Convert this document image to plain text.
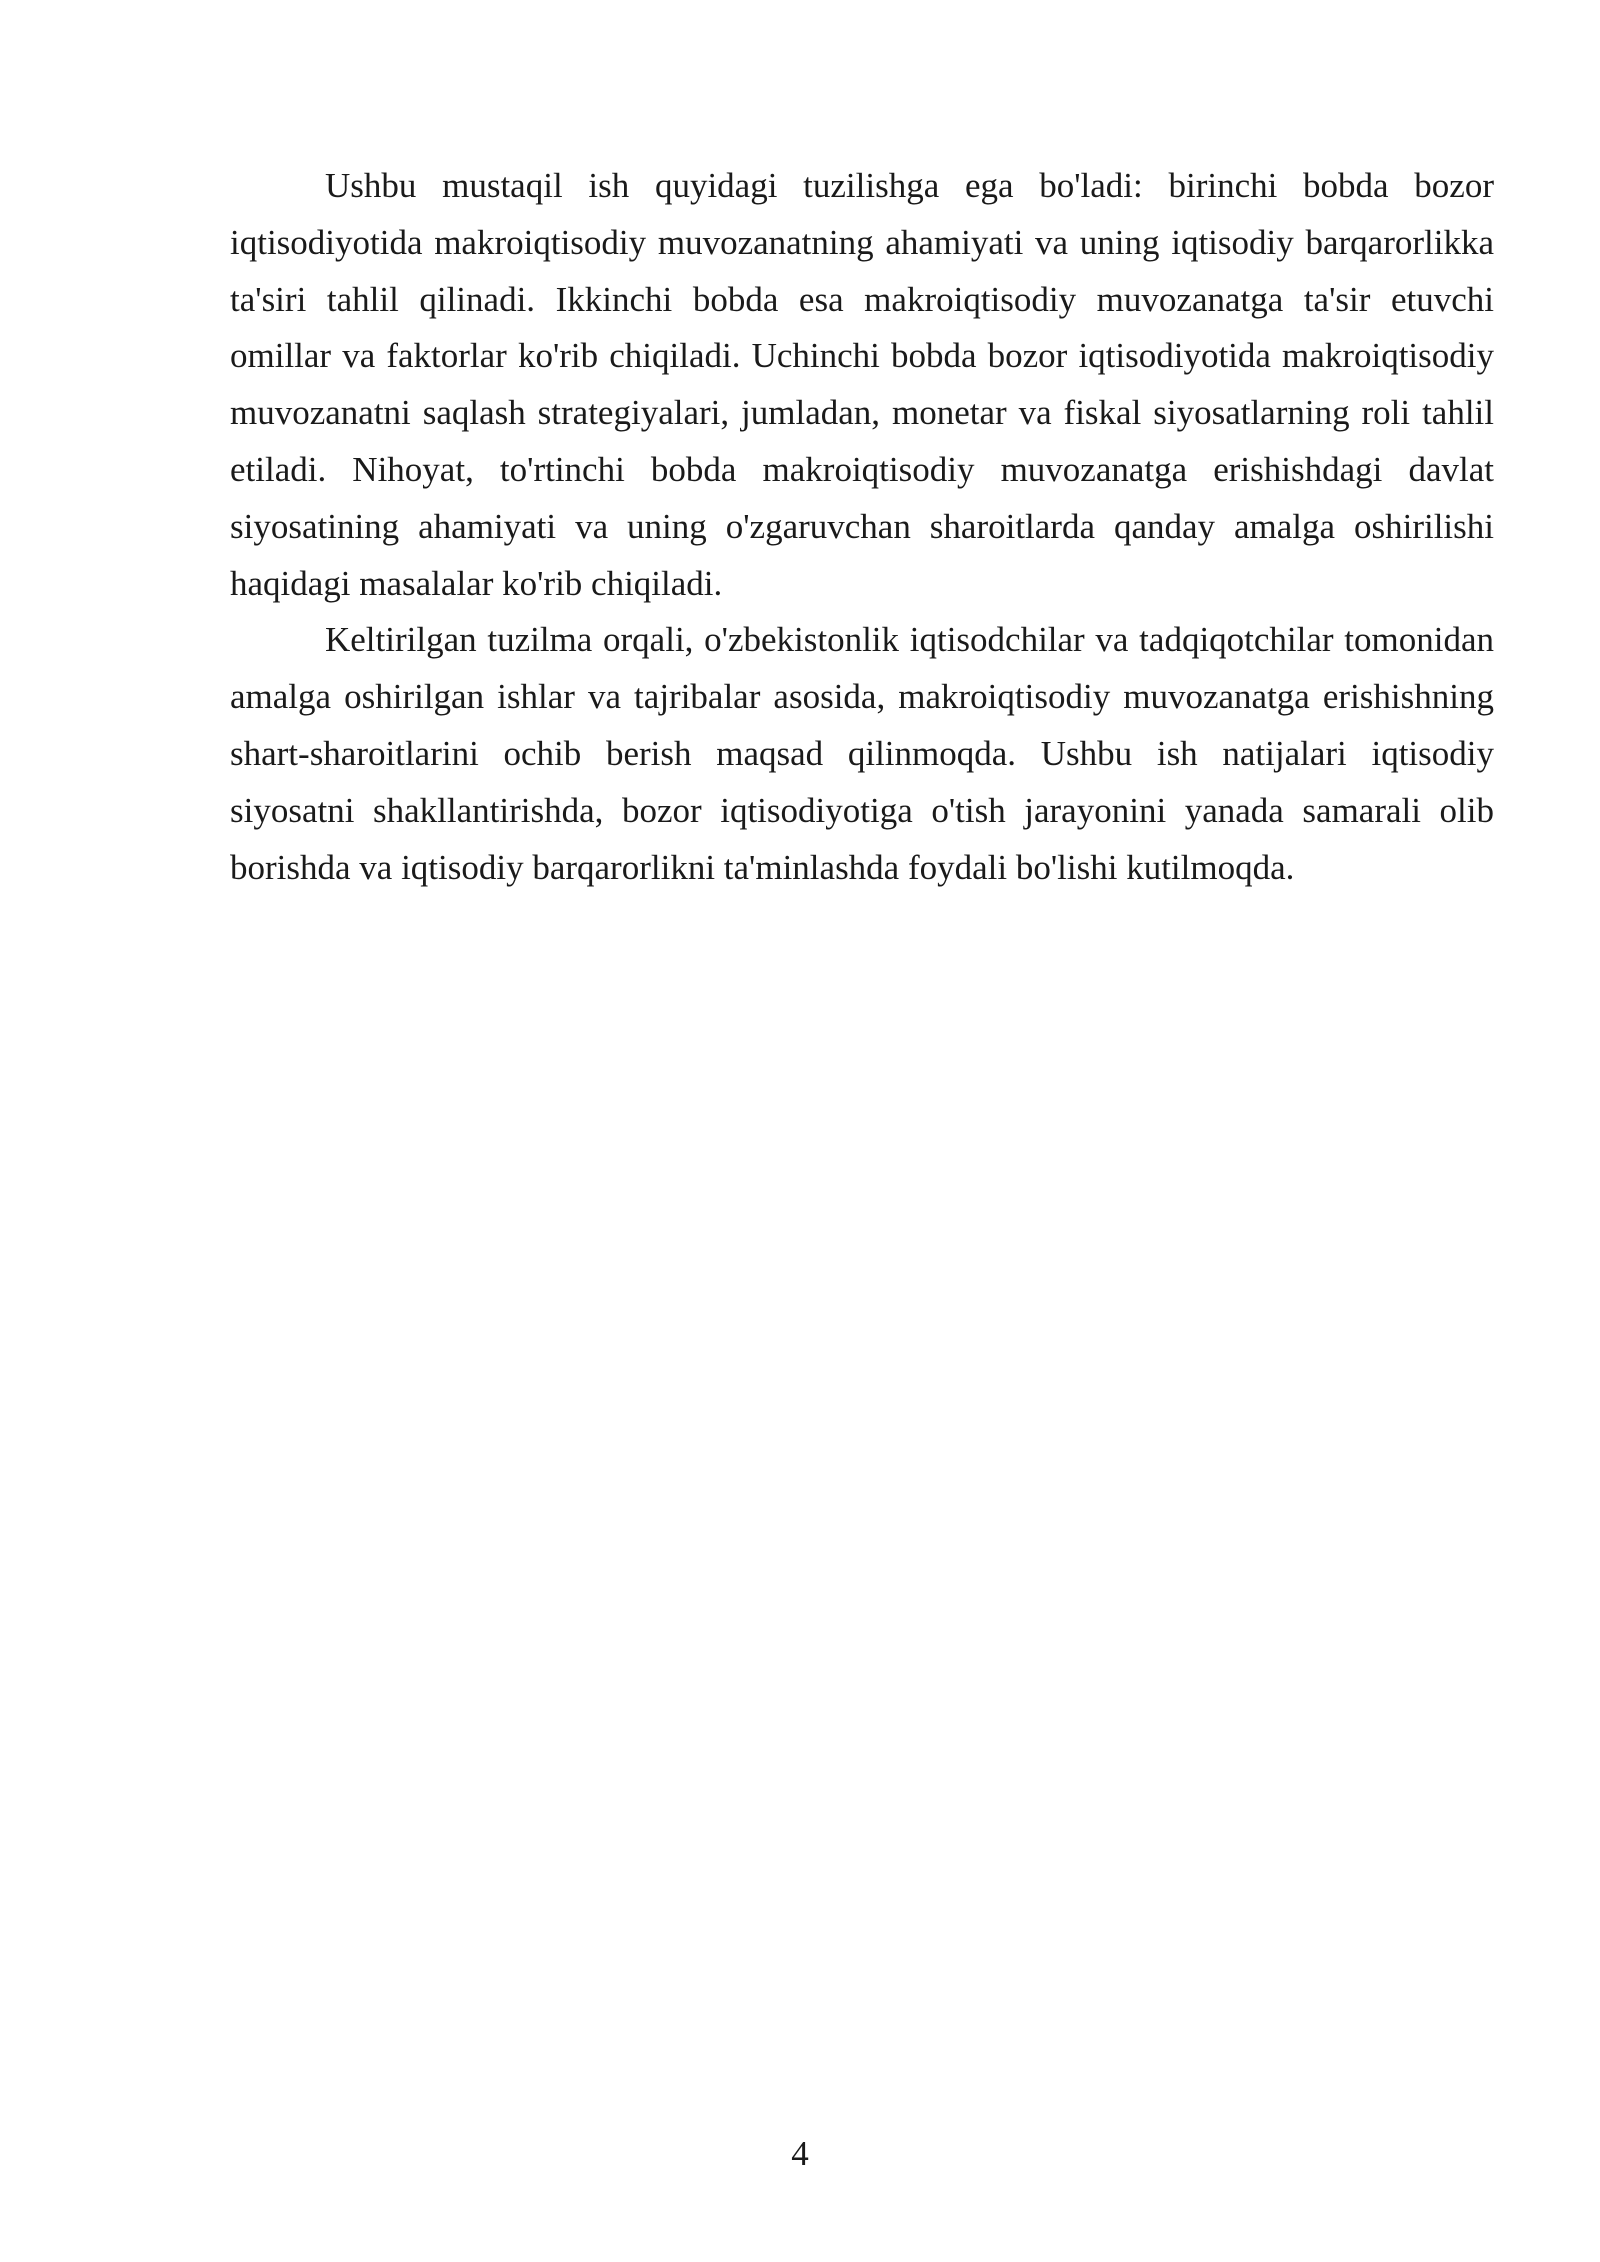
Ushbu mustaqil ish quyidagi tuzilishga ega bo'ladi: birinchi bobda bozor iqtisodiyotida makroiqtisodiy muvozanatning ahamiyati va uning iqtisodiy barqarorlikka ta'siri tahlil qilinadi. Ikkinchi bobda esa makroiqtisodiy muvozanatga ta'sir etuvchi omillar va faktorlar ko'rib chiqiladi. Uchinchi bobda bozor iqtisodiyotida makroiqtisodiy muvozanatni saqlash strategiyalari, jumladan, monetar va fiskal siyosatlarning roli tahlil etiladi. Nihoyat, to'rtinchi bobda makroiqtisodiy muvozanatga erishishdagi davlat siyosatining ahamiyati va uning o'zgaruvchan sharoitlarda qanday amalga oshirilishi haqidagi masalalar ko'rib chiqiladi.

Keltirilgan tuzilma orqali, o'zbekistonlik iqtisodchilar va tadqiqotchilar tomonidan amalga oshirilgan ishlar va tajribalar asosida, makroiqtisodiy muvozanatga erishishning shart-sharoitlarini ochib berish maqsad qilinmoqda. Ushbu ish natijalari iqtisodiy siyosatni shakllantirishda, bozor iqtisodiyotiga o'tish jarayonini yanada samarali olib borishda va iqtisodiy barqarorlikni ta'minlashda foydali bo'lishi kutilmoqda.

4
